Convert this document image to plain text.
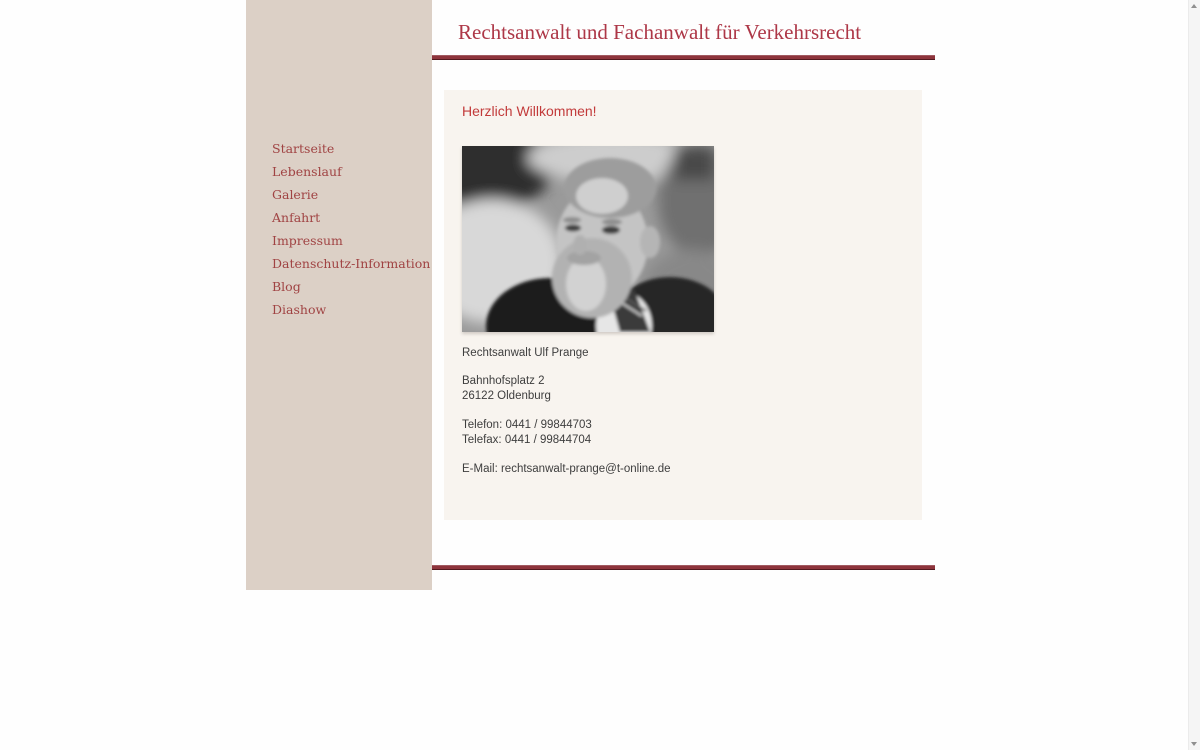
Startseite
Lebenslauf
Galerie
Anfahrt
Impressum
Datenschutz-Information
Blog
Diashow
Rechtsanwalt und Fachanwalt für Verkehrsrecht
Herzlich Willkommen!

Rechtsanwalt Ulf Prange

Bahnhofsplatz 2
26122 Oldenburg

Telefon: 0441 / 99844703
Telefax: 0441 / 99844704

E-Mail: rechtsanwalt-prange@t-online.de
